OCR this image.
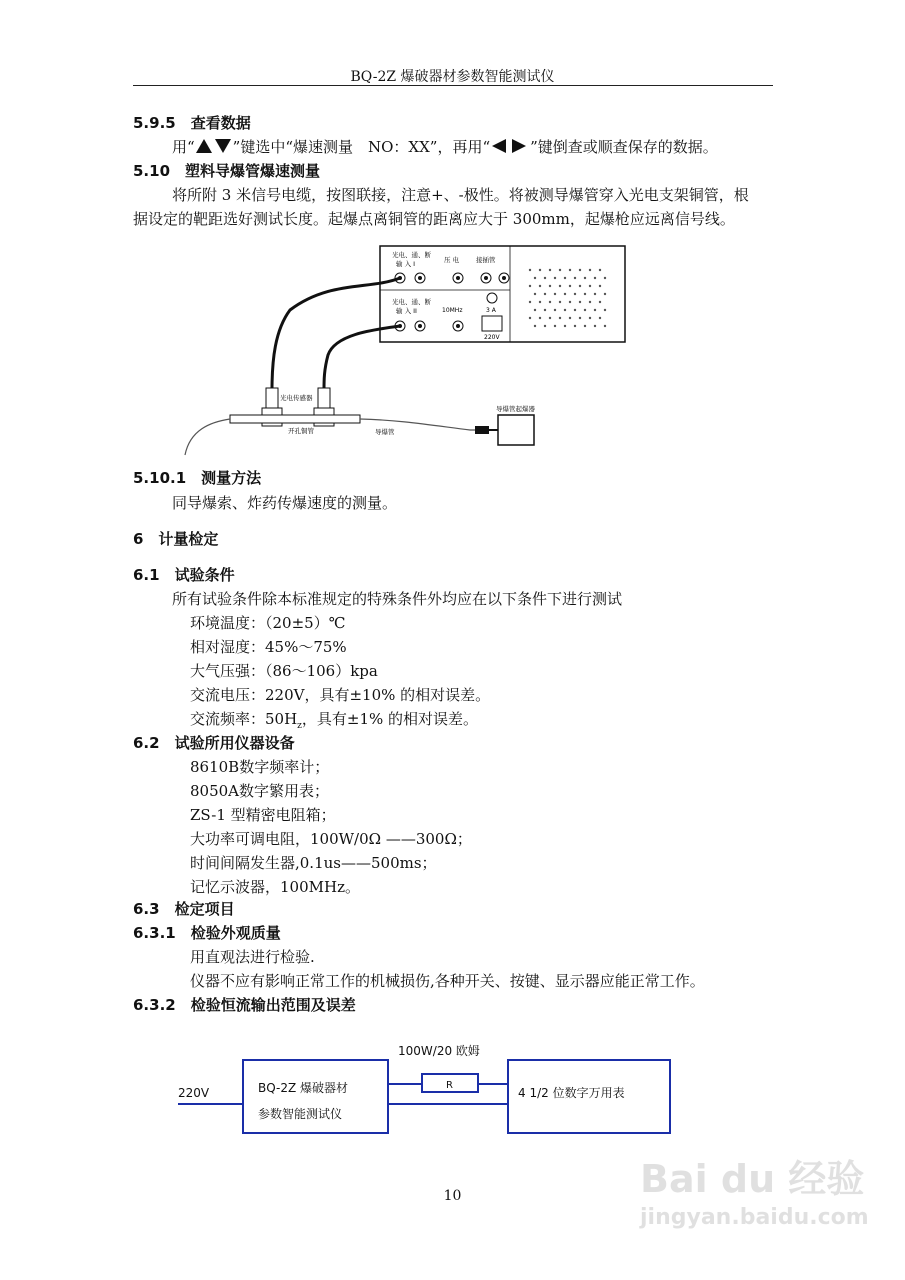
BQ-2Z 爆破器材参数智能测试仪
5.9.5　查看数据
用“	”键选中“爆速测量　NO：XX”，再用“	”键倒查或顺查保存的数据。
5.10　塑料导爆管爆速测量
将所附 3 米信号电缆，按图联接，注意+、-极性。将被测导爆管穿入光电支架铜管，根
据设定的靶距选好测试长度。起爆点离铜管的距离应大于 300mm，起爆枪应远离信号线。
光电、通、断
输 入 I	压 电	接插管
光电、通、断
输 入 II	10MHz	3 A
220V
光电传感器
开孔铜管	导爆管
导爆管起爆器
5.10.1　测量方法
同导爆索、炸药传爆速度的测量。
6　计量检定
6.1　试验条件
所有试验条件除本标准规定的特殊条件外均应在以下条件下进行测试
环境温度：（20±5）℃
相对湿度：45%～75%
大气压强：（86～106）kpa
交流电压：220V，具有±10% 的相对误差。
交流频率：$50H_z$，具有±1% 的相对误差。
6.2　试验所用仪器设备
8610B数字频率计；
8050A数字繁用表；
ZS-1 型精密电阻箱；
大功率可调电阻，100W/0Ω ——300Ω；
时间间隔发生器,0.1us——500ms；
记忆示波器，100MHz。
6.3　检定项目
6.3.1　检验外观质量
用直观法进行检验.
仪器不应有影响正常工作的机械损伤,各种开关、按键、显示器应能正常工作。
6.3.2　检验恒流输出范围及误差
100W/20 欧姆
R
220V	BQ-2Z 爆破器材
参数智能测试仪
4 1/2 位数字万用表
10	Bai du 经验
jingyan.baidu.com
